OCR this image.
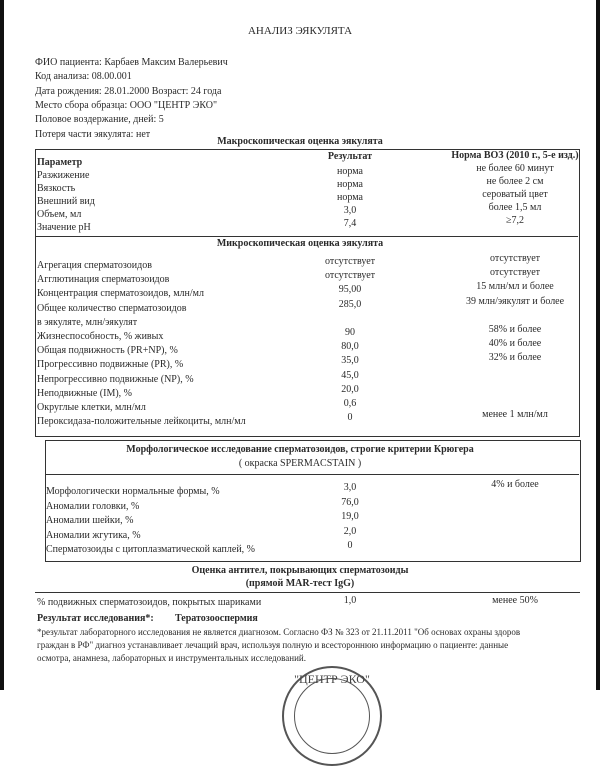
АНАЛИЗ ЭЯКУЛЯТА
ФИО пациента: Карбаев Максим Валерьевич
Код анализа: 08.00.001
Дата рождения: 28.01.2000 Возраст: 24 года
Место сбора образца: ООО "ЦЕНТР ЭКО"
Половое воздержание, дней: 5
Потеря части эякулята: нет
Макроскопическая оценка эякулята
Параметр
Результат	Норма ВОЗ (2010 г., 5-е изд.)
Разжижение	норма	не более 60 минут
Вязкость	норма	не более 2 см
Внешний вид	норма	сероватый цвет
Объем, мл	3,0	более 1,5 мл
Значение pH	7,4	≥7,2
Микроскопическая оценка эякулята
Агрегация сперматозоидов	отсутствует	отсутствует
Агглютинация сперматозоидов	отсутствует	отсутствует
Концентрация сперматозоидов, млн/мл	95,00	15 млн/мл и более
Общее количество сперматозоидов	285,0	39 млн/эякулят и более
в эякуляте, млн/эякулят
Жизнеспособность, % живых	90	58% и более
Общая подвижность (PR+NP), %	80,0	40% и более
Прогрессивно подвижные (PR), %	35,0	32% и более
Непрогрессивно подвижные (NP), %	45,0
Неподвижные (IM), %	20,0
Округлые клетки, млн/мл	0,6
Пероксидаза-положительные лейкоциты, млн/мл	0	менее 1 млн/мл
Морфологическое исследование сперматозоидов, строгие критерии Крюгера
( окраска SPERMACSTAIN )
Морфологически нормальные формы, %	3,0	4% и более
Аномалии головки, %	76,0
Аномалии шейки, %	19,0
Аномалии жгутика, %	2,0
Сперматозоиды с цитоплазматической каплей, %	0
Оценка антител, покрывающих сперматозоиды
(прямой MAR-тест IgG)
% подвижных сперматозоидов, покрытых шариками	1,0	менее 50%
Результат исследования*: Тератозооспермия
*результат лабораторного исследования не является диагнозом. Согласно ФЗ № 323 от 21.11.2011 "Об основах охраны здоров
граждан в РФ" диагноз устанавливает лечащий врач, используя полную и всестороннюю информацию о пациенте: данные
осмотра, анамнеза, лабораторных и инструментальных исследований.
"ЦЕНТР ЭКО"
